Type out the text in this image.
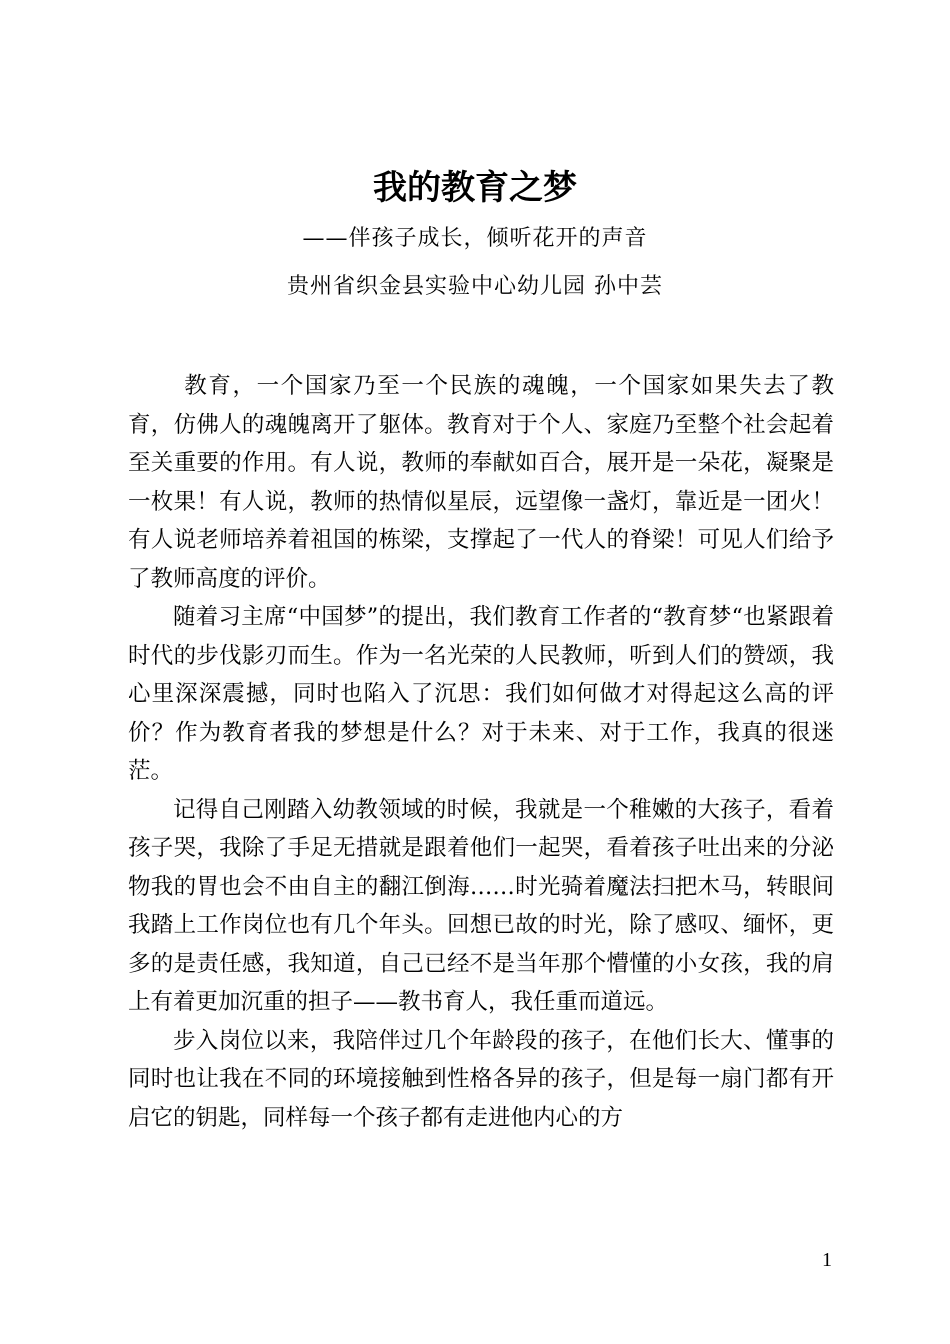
我的教育之梦
——伴孩子成长，倾听花开的声音
贵州省织金县实验中心幼儿园 孙中芸

教育，一个国家乃至一个民族的魂魄，一个国家如果失去了教育，仿佛人的魂魄离开了躯体。教育对于个人、家庭乃至整个社会起着至关重要的作用。有人说，教师的奉献如百合，展开是一朵花，凝聚是一枚果！有人说，教师的热情似星辰，远望像一盏灯，靠近是一团火！有人说老师培养着祖国的栋梁，支撑起了一代人的脊梁！可见人们给予了教师高度的评价。

随着习主席“中国梦”的提出，我们教育工作者的“教育梦“也紧跟着时代的步伐影刃而生。作为一名光荣的人民教师，听到人们的赞颂，我心里深深震撼，同时也陷入了沉思：我们如何做才对得起这么高的评价？作为教育者我的梦想是什么？对于未来、对于工作，我真的很迷茫。

记得自己刚踏入幼教领域的时候，我就是一个稚嫩的大孩子，看着孩子哭，我除了手足无措就是跟着他们一起哭，看着孩子吐出来的分泌物我的胃也会不由自主的翻江倒海……时光骑着魔法扫把木马，转眼间我踏上工作岗位也有几个年头。回想已故的时光，除了感叹、缅怀，更多的是责任感，我知道，自己已经不是当年那个懵懂的小女孩，我的肩上有着更加沉重的担子——教书育人，我任重而道远。

步入岗位以来，我陪伴过几个年龄段的孩子，在他们长大、懂事的同时也让我在不同的环境接触到性格各异的孩子，但是每一扇门都有开启它的钥匙，同样每一个孩子都有走进他内心的方

1
